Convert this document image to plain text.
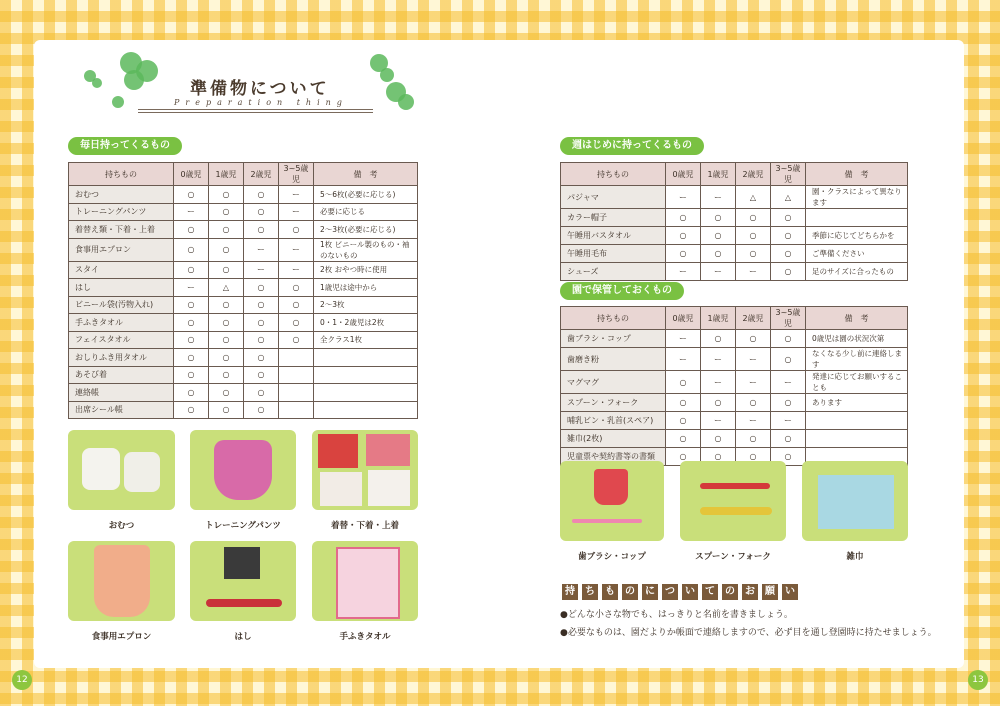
12	13
準備物について
Preparation thing
毎日持ってくるもの
持ちもの	0歳児	1歳児	2歳児	3~5歳児	備　考
おむつ	○	○	○	ー	5～6枚(必要に応じる)
トレーニングパンツ	ー	○	○	ー	必要に応じる
着替え類・下着・上着	○	○	○	○	2～3枚(必要に応じる)
食事用エプロン	○	○	ー	ー	1枚 ビニール製のもの・袖のないもの
スタイ	○	○	ー	ー	2枚 おやつ時に使用
はし	ー	△	○	○	1歳児は途中から
ビニール袋(汚物入れ)	○	○	○	○	2～3枚
手ふきタオル	○	○	○	○	0・1・2歳児は2枚
フェイスタオル	○	○	○	○	全クラス1枚
おしりふき用タオル	○	○	○		
あそび着	○	○	○		
連絡帳	○	○	○		
出席シール帳	○	○	○		
週はじめに持ってくるもの
持ちもの	0歳児	1歳児	2歳児	3~5歳児	備　考
パジャマ	ー	ー	△	△	園・クラスによって異なります
カラー帽子	○	○	○	○	
午睡用バスタオル	○	○	○	○	季節に応じてどちらかを
午睡用毛布	○	○	○	○	ご準備ください
シューズ	ー	ー	ー	○	足のサイズに合ったもの
園で保管しておくもの
持ちもの	0歳児	1歳児	2歳児	3~5歳児	備　考
歯ブラシ・コップ	ー	○	○	○	0歳児は園の状況次第
歯磨き粉	ー	ー	ー	○	なくなる少し前に連絡します
マグマグ	○	ー	ー	ー	発達に応じてお願いすることも
スプーン・フォーク	○	○	○	○	あります
哺乳ビン・乳首(スペア)	○	ー	ー	ー	
雑巾(2枚)	○	○	○	○	
児童票や契約書等の書類	○	○	○	○	
おむつ	トレーニングパンツ	着替・下着・上着
食事用エプロン	はし	手ふきタオル
歯ブラシ・コップ	スプーン・フォーク	雑巾
持 ち も の に つ い て の お 願 い
●どんな小さな物でも、はっきりと名前を書きましょう。
●必要なものは、園だよりか帳面で連絡しますので、必ず目を通し登園時に持たせましょう。
